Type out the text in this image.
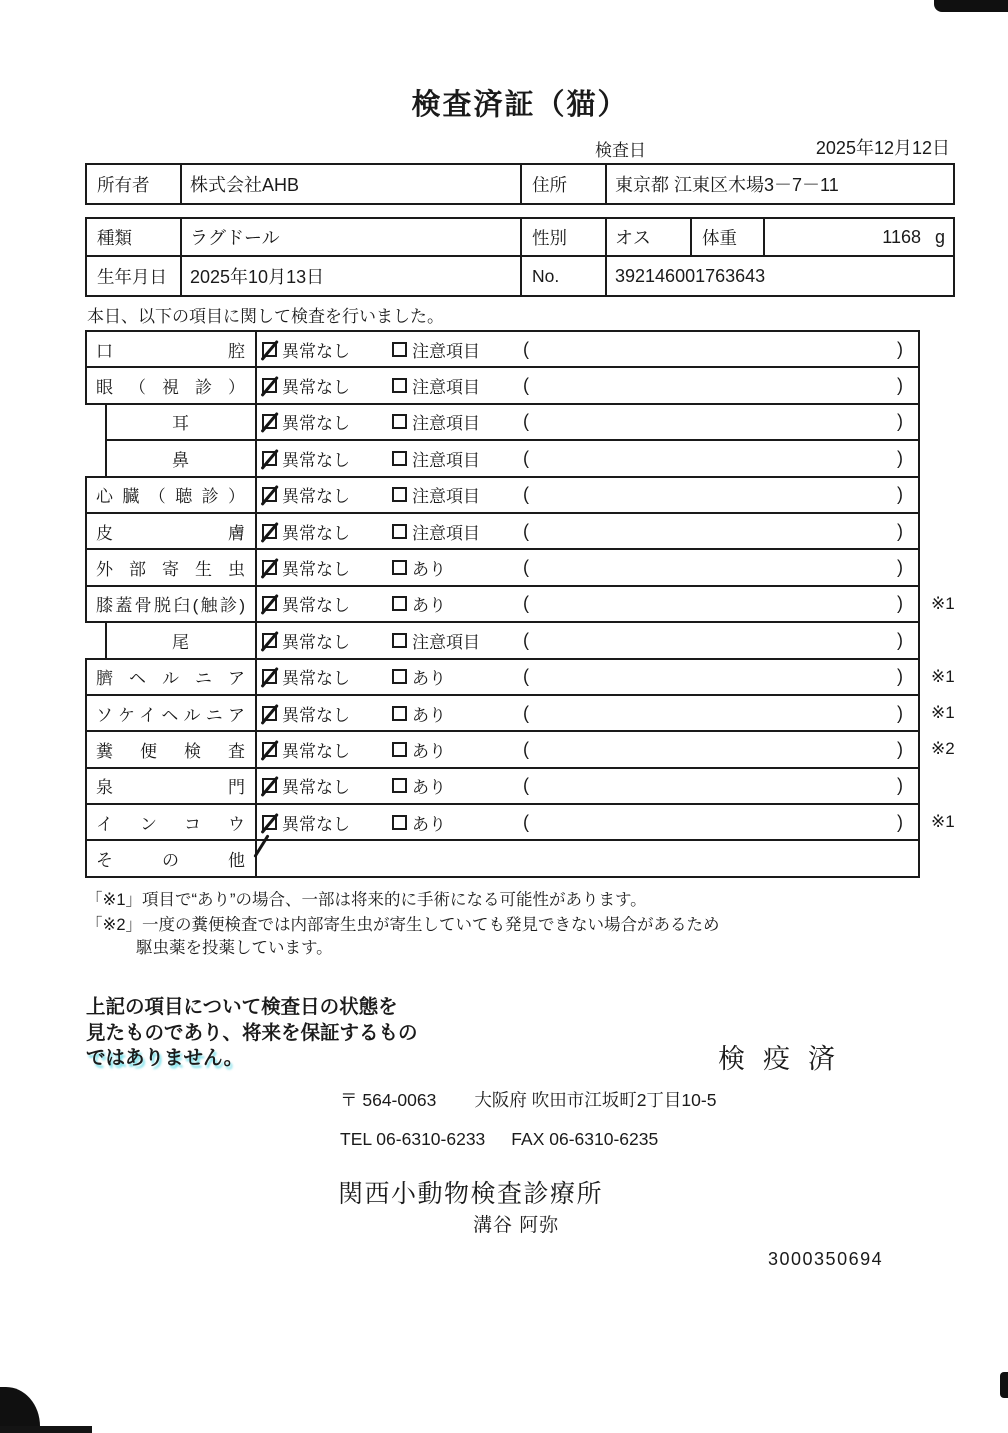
検査済証（猫）
検査日	2025年12月12日
所有者	株式会社AHB	住所	東京都 江東区木場3－7－11
種類	ラグドール	性別	オス	体重	1168 g
生年月日	2025年10月13日	No.	392146001763643
本日、以下の項目に関して検査を行いました。
口腔 異常なし	注意項目 (	)
眼（視診） 異常なし	注意項目 (	)
耳	異常なし	注意項目 (	)
鼻	異常なし	注意項目 (	)
心臓（聴診） 異常なし	注意項目 (	)
皮膚 異常なし	注意項目 (	)
外部寄生虫 異常なし	あり	(	)
膝蓋骨脱臼(触診) 異常なし	あり	(	) ※1
尾	異常なし	注意項目 (	)
臍ヘルニア 異常なし	あり	(	) ※1
ソケイヘルニア 異常なし	あり	(	) ※1
糞便検査 異常なし	あり	(	) ※2
泉門 異常なし	あり	(	)
インコウ 異常なし	あり	(	) ※1
その他
「※1」項目で“あり”の場合、一部は将来的に手術になる可能性があります。
「※2」一度の糞便検査では内部寄生虫が寄生していても発見できない場合があるため
駆虫薬を投薬しています。
上記の項目について検査日の状態を
見たものであり、将来を保証するもの
ではありません。	検疫済
〒 564-0063 大阪府 吹田市江坂町2丁目10-5
TEL 06-6310-6233 FAX 06-6310-6235
関西小動物検査診療所
溝谷 阿弥
3000350694
